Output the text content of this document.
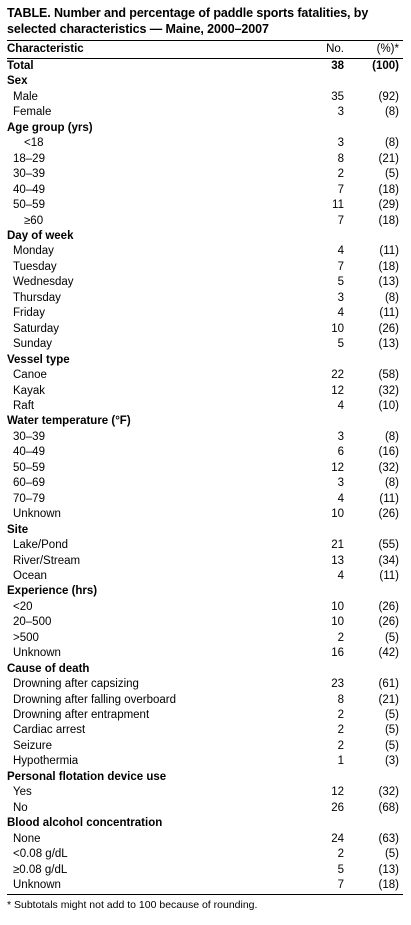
TABLE. Number and percentage of paddle sports fatalities, by selected characteristics — Maine, 2000–2007
Characteristic	No.	(%)*
Total	38	(100)
Sex		
Male	35	(92)
Female	3	(8)
Age group (yrs)		
<18	3	(8)
18–29	8	(21)
30–39	2	(5)
40–49	7	(18)
50–59	11	(29)
≥60	7	(18)
Day of week		
Monday	4	(11)
Tuesday	7	(18)
Wednesday	5	(13)
Thursday	3	(8)
Friday	4	(11)
Saturday	10	(26)
Sunday	5	(13)
Vessel type		
Canoe	22	(58)
Kayak	12	(32)
Raft	4	(10)
Water temperature (°F)		
30–39	3	(8)
40–49	6	(16)
50–59	12	(32)
60–69	3	(8)
70–79	4	(11)
Unknown	10	(26)
Site		
Lake/Pond	21	(55)
River/Stream	13	(34)
Ocean	4	(11)
Experience (hrs)		
<20	10	(26)
20–500	10	(26)
>500	2	(5)
Unknown	16	(42)
Cause of death		
Drowning after capsizing	23	(61)
Drowning after falling overboard	8	(21)
Drowning after entrapment	2	(5)
Cardiac arrest	2	(5)
Seizure	2	(5)
Hypothermia	1	(3)
Personal flotation device use		
Yes	12	(32)
No	26	(68)
Blood alcohol concentration		
None	24	(63)
<0.08 g/dL	2	(5)
≥0.08 g/dL	5	(13)
Unknown	7	(18)
* Subtotals might not add to 100 because of rounding.
